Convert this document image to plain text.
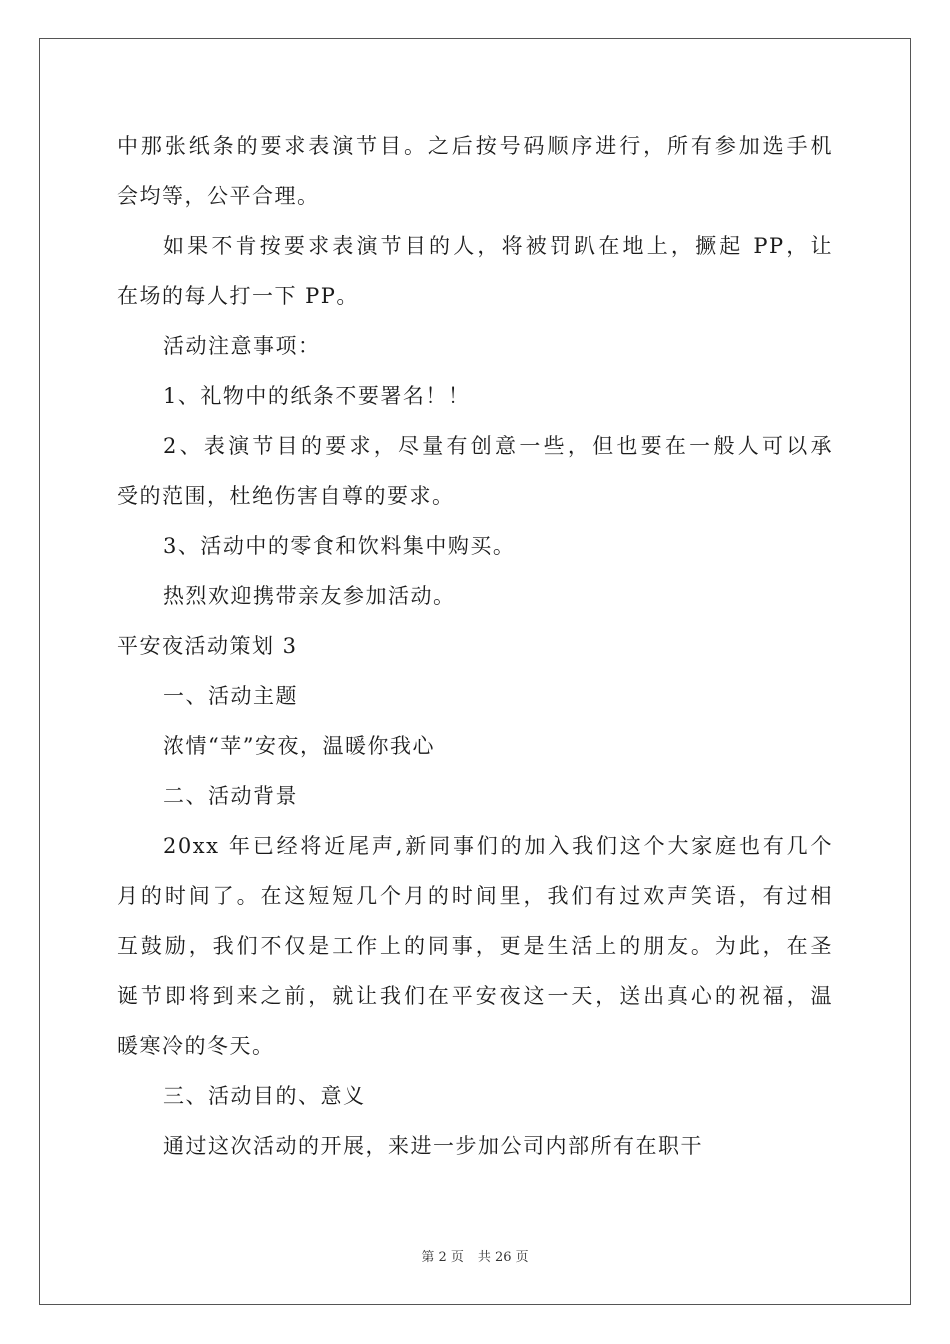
中那张纸条的要求表演节目。之后按号码顺序进行，所有参加选手机
会均等，公平合理。
如果不肯按要求表演节目的人，将被罚趴在地上，撅起 PP，让
在场的每人打一下 PP。
活动注意事项：
1、礼物中的纸条不要署名！！
2、表演节目的要求，尽量有创意一些，但也要在一般人可以承
受的范围，杜绝伤害自尊的要求。
3、活动中的零食和饮料集中购买。
热烈欢迎携带亲友参加活动。
平安夜活动策划 3
一、活动主题
浓情“苹”安夜，温暖你我心
二、活动背景
20xx 年已经将近尾声,新同事们的加入我们这个大家庭也有几个
月的时间了。在这短短几个月的时间里，我们有过欢声笑语，有过相
互鼓励，我们不仅是工作上的同事，更是生活上的朋友。为此，在圣
诞节即将到来之前，就让我们在平安夜这一天，送出真心的祝福，温
暖寒冷的冬天。
三、活动目的、意义
通过这次活动的开展，来进一步加公司内部所有在职干
第 2 页 共 26 页
